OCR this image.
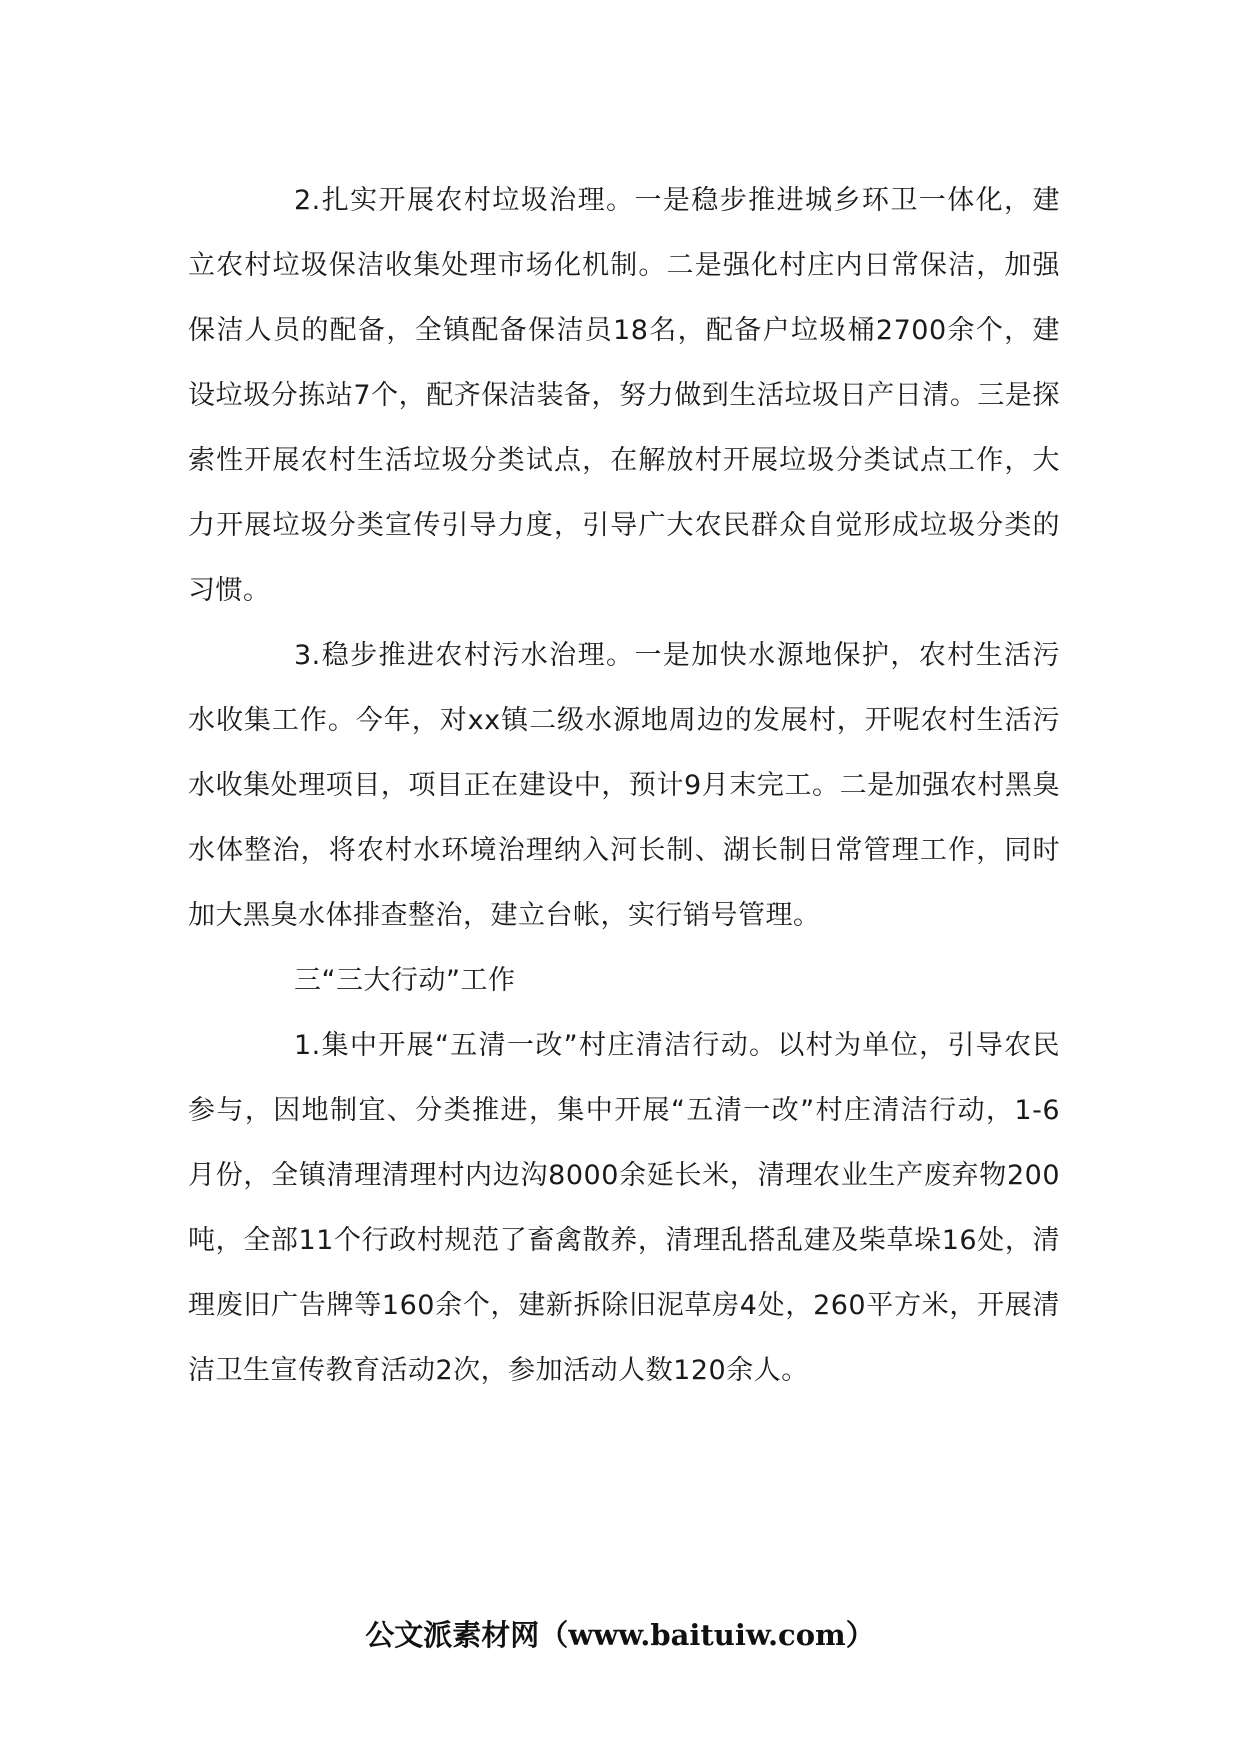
2.扎实开展农村垃圾治理。一是稳步推进城乡环卫一体化，建立农村垃圾保洁收集处理市场化机制。二是强化村庄内日常保洁，加强保洁人员的配备，全镇配备保洁员18名，配备户垃圾桶2700余个，建设垃圾分拣站7个，配齐保洁装备，努力做到生活垃圾日产日清。三是探索性开展农村生活垃圾分类试点，在解放村开展垃圾分类试点工作，大力开展垃圾分类宣传引导力度，引导广大农民群众自觉形成垃圾分类的习惯。

3.稳步推进农村污水治理。一是加快水源地保护，农村生活污水收集工作。今年，对xx镇二级水源地周边的发展村，开呢农村生活污水收集处理项目，项目正在建设中，预计9月末完工。二是加强农村黑臭水体整治，将农村水环境治理纳入河长制、湖长制日常管理工作，同时加大黑臭水体排查整治，建立台帐，实行销号管理。

三“三大行动”工作

1.集中开展“五清一改”村庄清洁行动。以村为单位，引导农民参与，因地制宜、分类推进，集中开展“五清一改”村庄清洁行动，1-6月份，全镇清理清理村内边沟8000余延长米，清理农业生产废弃物200吨，全部11个行政村规范了畜禽散养，清理乱搭乱建及柴草垛16处，清理废旧广告牌等160余个，建新拆除旧泥草房4处，260平方米，开展清洁卫生宣传教育活动2次，参加活动人数120余人。

公文派素材网（www.baituiw.com）
